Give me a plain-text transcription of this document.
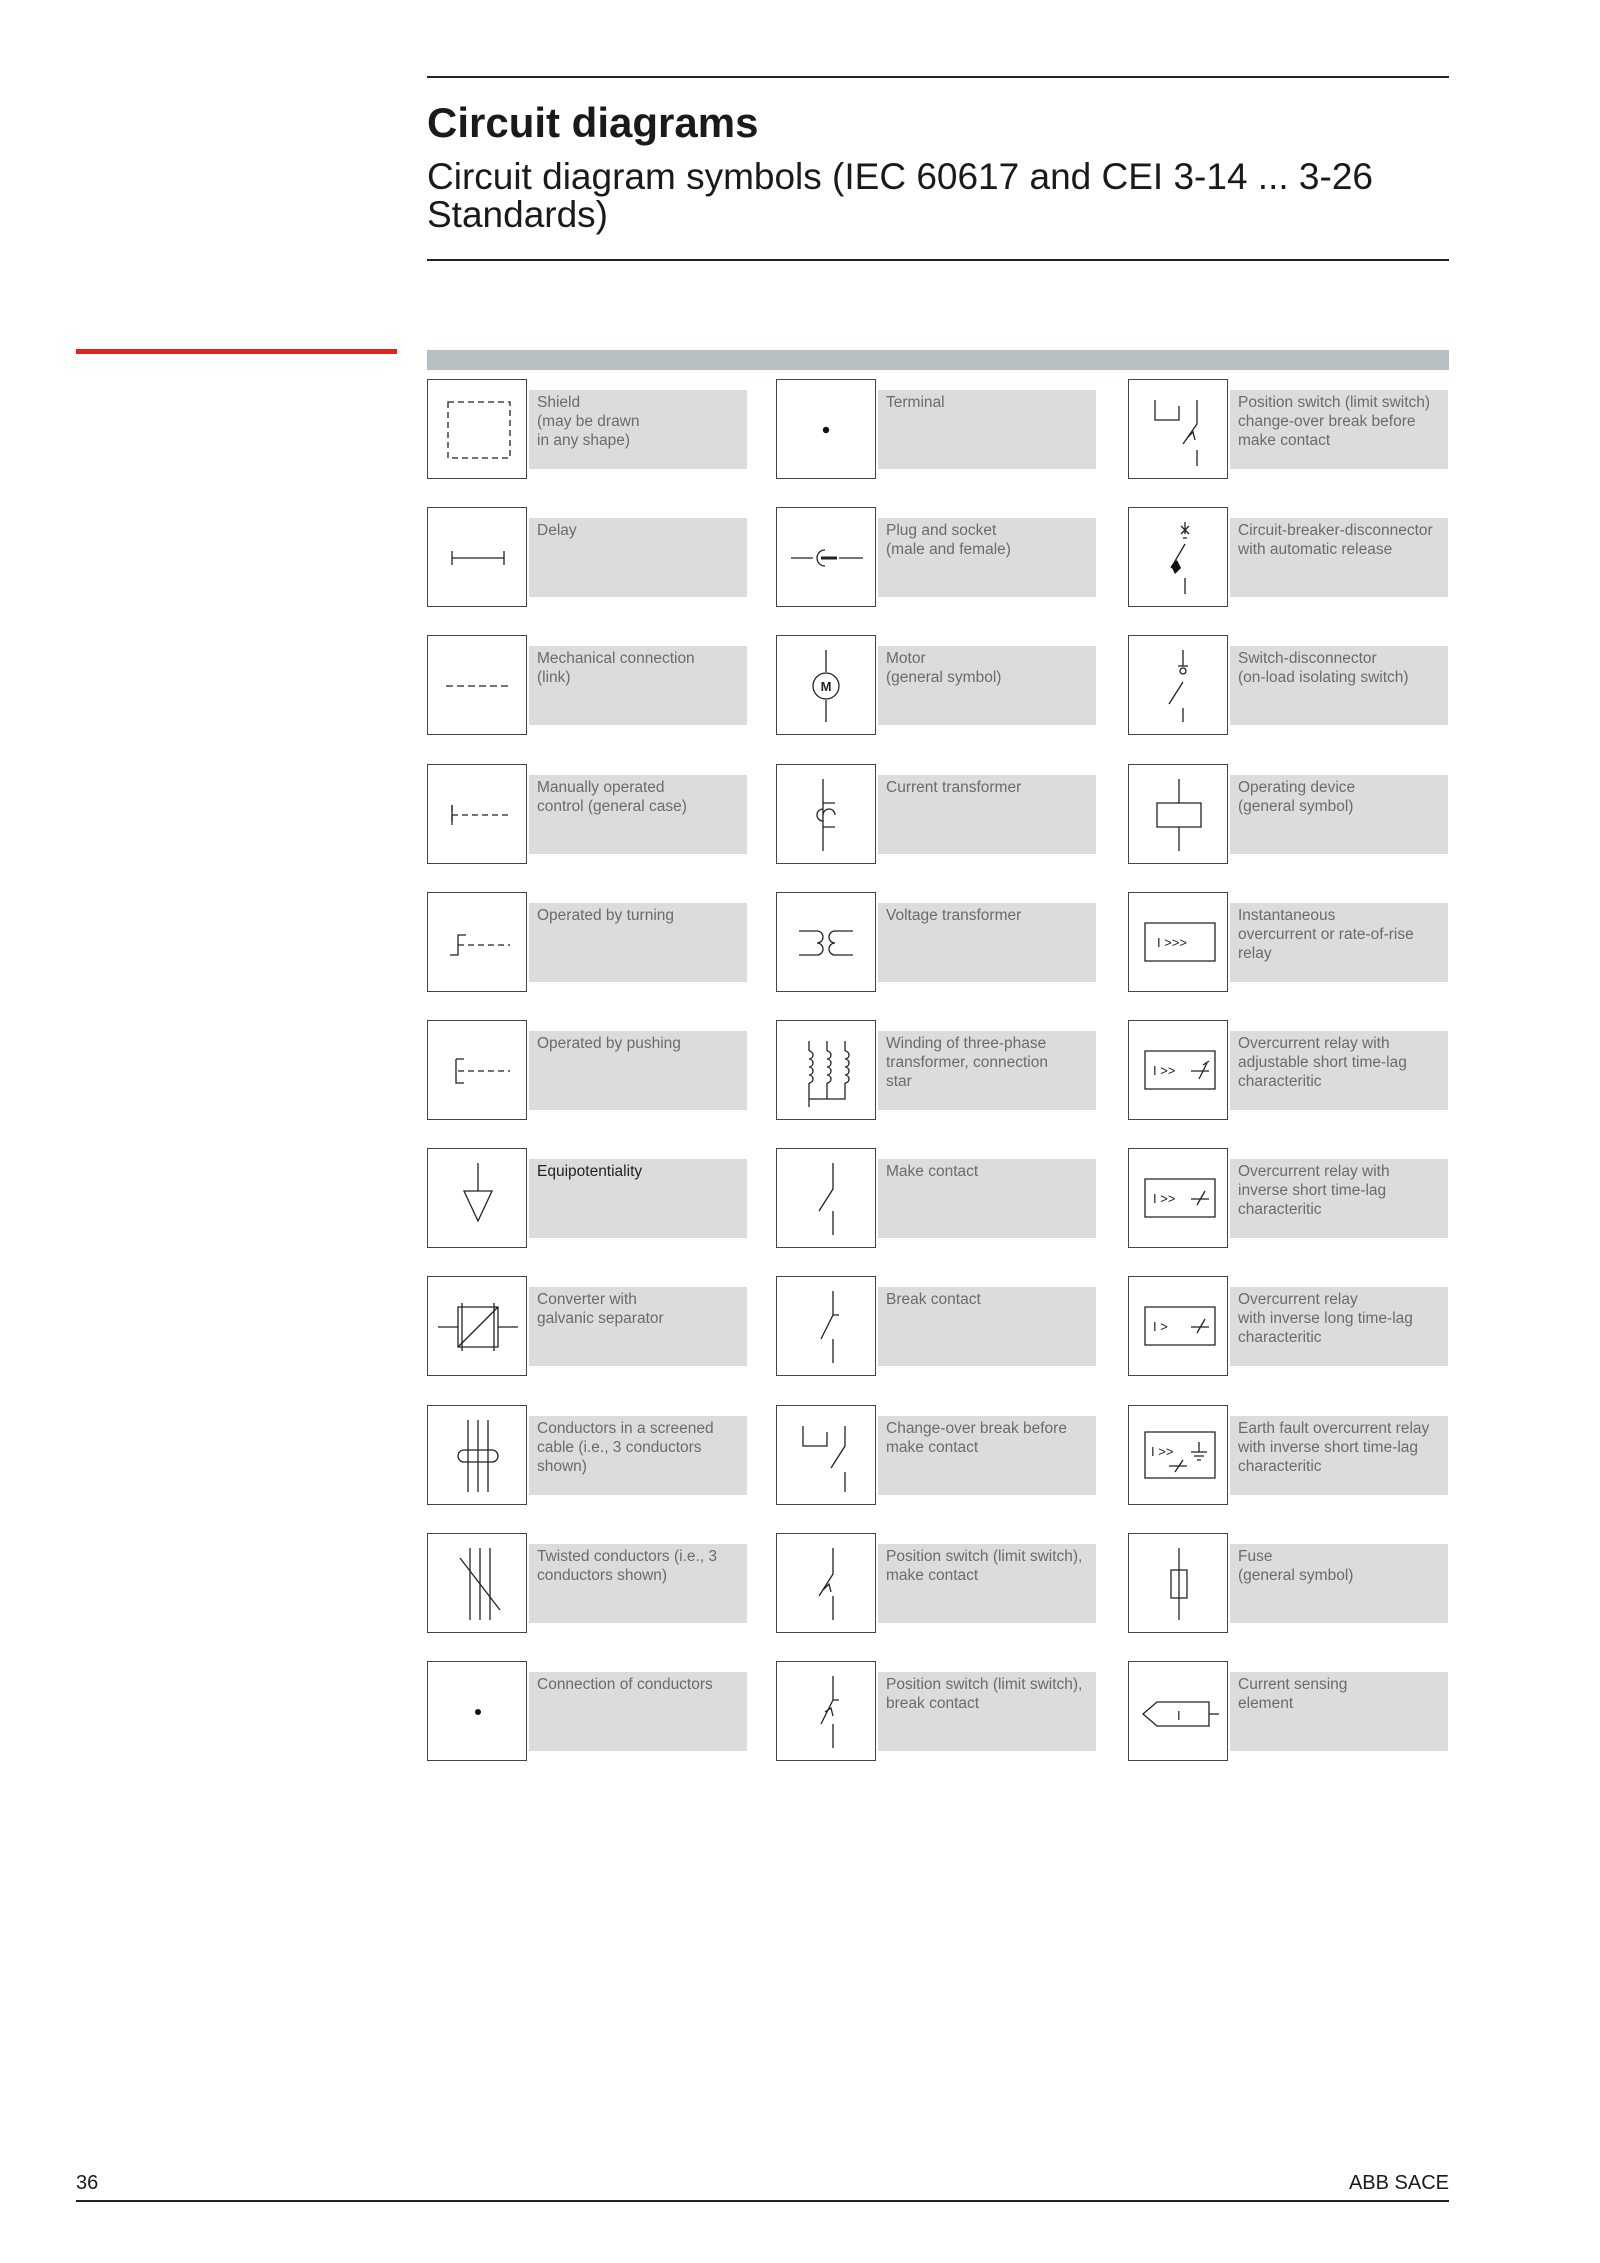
Circuit diagrams
Circuit diagram symbols (IEC 60617 and CEI 3-14 ... 3-26 Standards)
Shield
(may be drawn
in any shape)
Terminal	Position switch (limit switch)
change-over break before
make contact
Delay	Plug and socket
(male and female)
Circuit-breaker-disconnector
with automatic release
Mechanical connection
(link)
M
Motor
(general symbol)
Switch-disconnector
(on-load isolating switch)
Manually operated
control (general case)
Current transformer	Operating device
(general symbol)
Operated by turning	Voltage transformer
I >>>
Instantaneous
overcurrent or rate-of-rise
relay
Operated by pushing	Winding of three-phase
transformer, connection
star
I >>
Overcurrent relay with
adjustable short time-lag
characteritic
Equipotentiality	Make contact
I >>
Overcurrent relay with
inverse short time-lag
characteritic
Converter with
galvanic separator
Break contact
I >
Overcurrent relay
with inverse long time-lag
characteritic
Conductors in a screened
cable (i.e., 3 conductors
shown)
Change-over break before
make contact	I >>
Earth fault overcurrent relay
with inverse short time-lag
characteritic
Twisted conductors (i.e., 3
conductors shown)
Position switch (limit switch),
make contact
Fuse
(general symbol)
Connection of conductors	Position switch (limit switch),
break contact
I
Current sensing
element
36	ABB SACE
